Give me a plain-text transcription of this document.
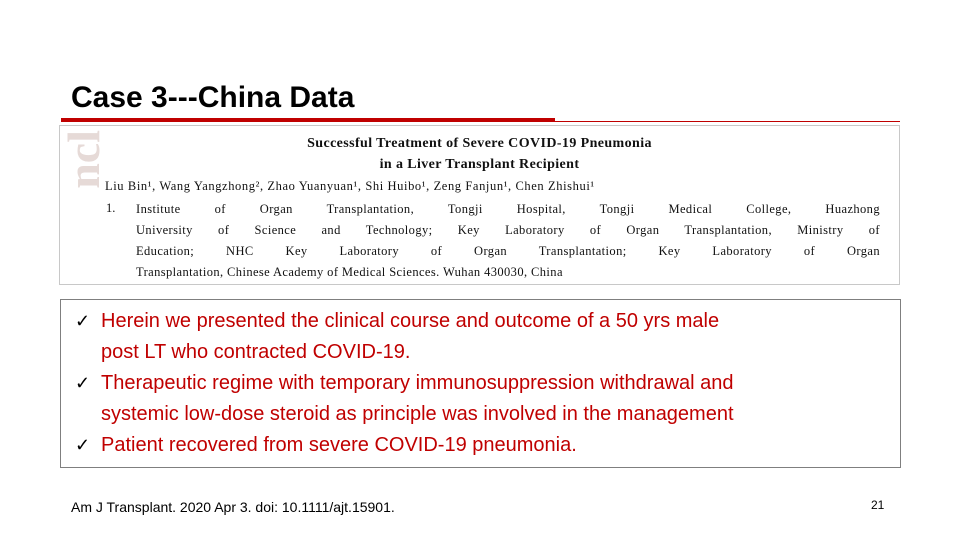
Case 3---China Data
ncl	Successful Treatment of Severe COVID-19 Pneumonia
in a Liver Transplant Recipient
Liu Bin¹, Wang Yangzhong², Zhao Yuanyuan¹, Shi Huibo¹, Zeng Fanjun¹, Chen Zhishui¹
1. Institute of Organ Transplantation, Tongji Hospital, Tongji Medical College, Huazhong
University of Science and Technology; Key Laboratory of Organ Transplantation, Ministry of
Education; NHC Key Laboratory of Organ Transplantation; Key Laboratory of Organ
Transplantation, Chinese Academy of Medical Sciences. Wuhan 430030, China
✓ Herein we presented the clinical course and outcome of a 50 yrs male
post LT who contracted COVID-19.
✓ Therapeutic regime with temporary immunosuppression withdrawal and
systemic low-dose steroid as principle was involved in the management
✓ Patient recovered from severe COVID-19 pneumonia.
Am J Transplant. 2020 Apr 3. doi: 10.1111/ajt.15901.	21
